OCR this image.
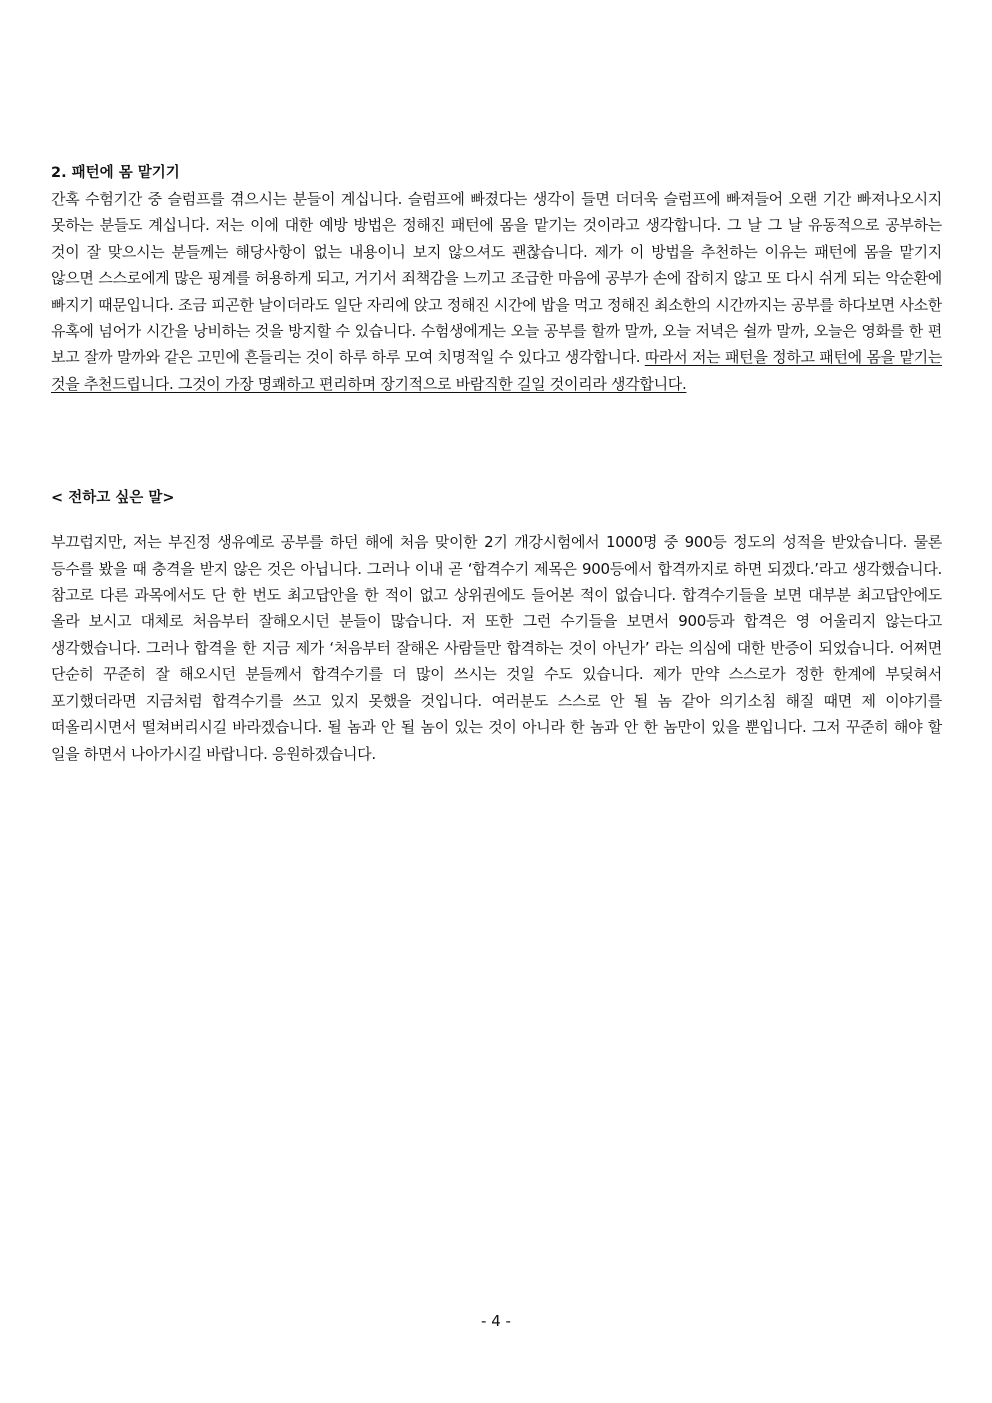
2. 패턴에 몸 맡기기

간혹 수험기간 중 슬럼프를 겪으시는 분들이 계십니다. 슬럼프에 빠졌다는 생각이 들면 더더욱 슬럼프에 빠져들어 오랜 기간 빠져나오시지 못하는 분들도 계십니다. 저는 이에 대한 예방 방법은 정해진 패턴에 몸을 맡기는 것이라고 생각합니다. 그 날 그 날 유동적으로 공부하는 것이 잘 맞으시는 분들께는 해당사항이 없는 내용이니 보지 않으셔도 괜찮습니다. 제가 이 방법을 추천하는 이유는 패턴에 몸을 맡기지 않으면 스스로에게 많은 핑계를 허용하게 되고, 거기서 죄책감을 느끼고 조급한 마음에 공부가 손에 잡히지 않고 또 다시 쉬게 되는 악순환에 빠지기 때문입니다. 조금 피곤한 날이더라도 일단 자리에 앉고 정해진 시간에 밥을 먹고 정해진 최소한의 시간까지는 공부를 하다보면 사소한 유혹에 넘어가 시간을 낭비하는 것을 방지할 수 있습니다. 수험생에게는 오늘 공부를 할까 말까, 오늘 저녁은 쉴까 말까, 오늘은 영화를 한 편 보고 잘까 말까와 같은 고민에 흔들리는 것이 하루 하루 모여 치명적일 수 있다고 생각합니다. 따라서 저는 패턴을 정하고 패턴에 몸을 맡기는 것을 추천드립니다. 그것이 가장 명쾌하고 편리하며 장기적으로 바람직한 길일 것이리라 생각합니다.

< 전하고 싶은 말>

부끄럽지만, 저는 부진정 생유예로 공부를 하던 해에 처음 맞이한 2기 개강시험에서 1000명 중 900등 정도의 성적을 받았습니다. 물론 등수를 봤을 때 충격을 받지 않은 것은 아닙니다. 그러나 이내 곧 ‘합격수기 제목은 900등에서 합격까지로 하면 되겠다.’라고 생각했습니다. 참고로 다른 과목에서도 단 한 번도 최고답안을 한 적이 없고 상위권에도 들어본 적이 없습니다. 합격수기들을 보면 대부분 최고답안에도 올라 보시고 대체로 처음부터 잘해오시던 분들이 많습니다. 저 또한 그런 수기들을 보면서 900등과 합격은 영 어울리지 않는다고 생각했습니다. 그러나 합격을 한 지금 제가 ‘처음부터 잘해온 사람들만 합격하는 것이 아닌가’ 라는 의심에 대한 반증이 되었습니다. 어쩌면 단순히 꾸준히 잘 해오시던 분들께서 합격수기를 더 많이 쓰시는 것일 수도 있습니다. 제가 만약 스스로가 정한 한계에 부딪혀서 포기했더라면 지금처럼 합격수기를 쓰고 있지 못했을 것입니다. 여러분도 스스로 안 될 놈 같아 의기소침 해질 때면 제 이야기를 떠올리시면서 떨쳐버리시길 바라겠습니다. 될 놈과 안 될 놈이 있는 것이 아니라 한 놈과 안 한 놈만이 있을 뿐입니다. 그저 꾸준히 해야 할 일을 하면서 나아가시길 바랍니다. 응원하겠습니다.

- 4 -
